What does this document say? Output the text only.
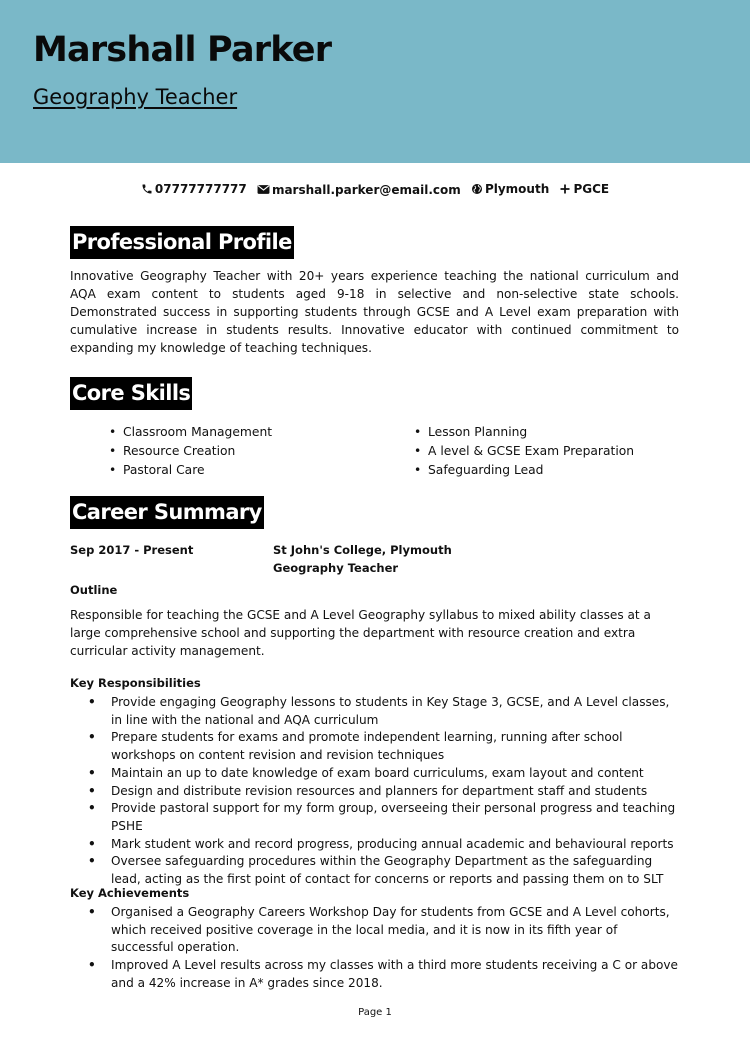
Marshall Parker
Geography Teacher
07777777777
marshall.parker@email.com
Plymouth
PGCE
Professional Profile
Innovative Geography Teacher with 20+ years experience teaching the national curriculum and AQA exam content to students aged 9-18 in selective and non-selective state schools. Demonstrated success in supporting students through GCSE and A Level exam preparation with cumulative increase in students results. Innovative educator with continued commitment to expanding my knowledge of teaching techniques.
Core Skills
• Classroom Management
• Resource Creation
• Pastoral Care
• Lesson Planning
• A level & GCSE Exam Preparation
• Safeguarding Lead
Career Summary
Sep 2017 - Present	St John's College, Plymouth
Geography Teacher
Outline
Responsible for teaching the GCSE and A Level Geography syllabus to mixed ability classes at a large comprehensive school and supporting the department with resource creation and extra curricular activity management.
Key Responsibilities
• Provide engaging Geography lessons to students in Key Stage 3, GCSE, and A Level classes, in line with the national and AQA curriculum
• Prepare students for exams and promote independent learning, running after school workshops on content revision and revision techniques
• Maintain an up to date knowledge of exam board curriculums, exam layout and content
• Design and distribute revision resources and planners for department staff and students
• Provide pastoral support for my form group, overseeing their personal progress and teaching PSHE
• Mark student work and record progress, producing annual academic and behavioural reports
• Oversee safeguarding procedures within the Geography Department as the safeguarding lead, acting as the first point of contact for concerns or reports and passing them on to SLT
Key Achievements
• Organised a Geography Careers Workshop Day for students from GCSE and A Level cohorts, which received positive coverage in the local media, and it is now in its fifth year of successful operation.
• Improved A Level results across my classes with a third more students receiving a C or above and a 42% increase in A* grades since 2018.
Page 1
